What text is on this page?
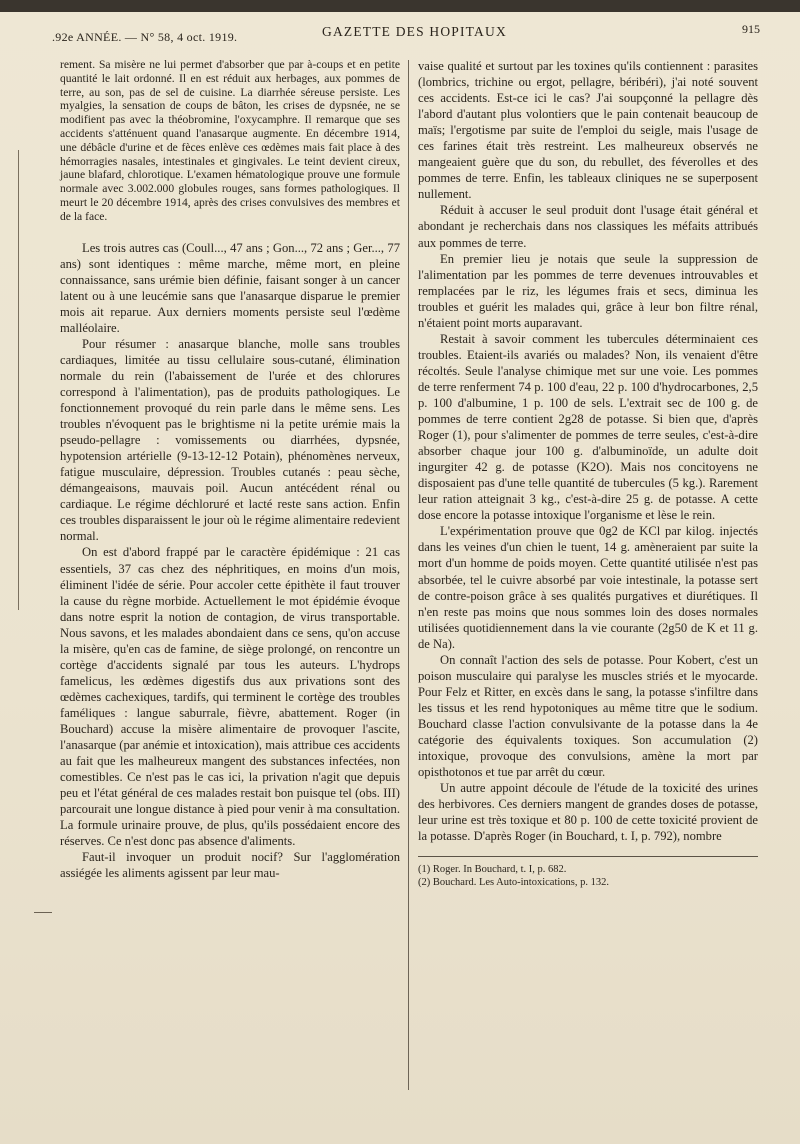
.92e ANNÉE. — N° 58, 4 oct. 1919.	GAZETTE DES HOPITAUX	915

rement. Sa misère ne lui permet d'absorber que par à-coups et en petite quantité le lait ordonné. Il en est réduit aux herbages, aux pommes de terre, au son, pas de sel de cuisine. La diarrhée séreuse persiste. Les myalgies, la sensation de coups de bâton, les crises de dypsnée, ne se modifient pas avec la théobromine, l'oxycamphre. Il remarque que ses accidents s'atténuent quand l'anasarque augmente. En décembre 1914, une débâcle d'urine et de fèces enlève ces œdèmes mais fait place à des hémorragies nasales, intestinales et gingivales. Le teint devient cireux, jaune blafard, chlorotique. L'examen hématologique prouve une formule normale avec 3.002.000 globules rouges, sans formes pathologiques. Il meurt le 20 décembre 1914, après des crises convulsives des membres et de la face.

Les trois autres cas (Coull..., 47 ans ; Gon..., 72 ans ; Ger..., 77 ans) sont identiques : même marche, même mort, en pleine connaissance, sans urémie bien définie, faisant songer à un cancer latent ou à une leucémie sans que l'anasarque disparue le premier mois ait reparue. Aux derniers moments persiste seul l'œdème malléolaire.

Pour résumer : anasarque blanche, molle sans troubles cardiaques, limitée au tissu cellulaire sous-cutané, élimination normale du rein (l'abaissement de l'urée et des chlorures correspond à l'alimentation), pas de produits pathologiques. Le fonctionnement provoqué du rein parle dans le même sens. Les troubles n'évoquent pas le brightisme ni la petite urémie mais la pseudo-pellagre : vomissements ou diarrhées, dypsnée, hypotension artérielle (9-13-12-12 Potain), phénomènes nerveux, fatigue musculaire, dépression. Troubles cutanés : peau sèche, démangeaisons, mauvais poil. Aucun antécédent rénal ou cardiaque. Le régime déchloruré et lacté reste sans action. Enfin ces troubles disparaissent le jour où le régime alimentaire redevient normal.

On est d'abord frappé par le caractère épidémique : 21 cas essentiels, 37 cas chez des néphritiques, en moins d'un mois, éliminent l'idée de série. Pour accoler cette épithète il faut trouver la cause du règne morbide. Actuellement le mot épidémie évoque dans notre esprit la notion de contagion, de virus transportable. Nous savons, et les malades abondaient dans ce sens, qu'on accuse la misère, qu'en cas de famine, de siège prolongé, on rencontre un cortège d'accidents signalé par tous les auteurs. L'hydrops famelicus, les œdèmes digestifs dus aux privations sont des œdèmes cachexiques, tardifs, qui terminent le cortège des troubles faméliques : langue saburrale, fièvre, abattement. Roger (in Bouchard) accuse la misère alimentaire de provoquer l'ascite, l'anasarque (par anémie et intoxication), mais attribue ces accidents au fait que les malheureux mangent des substances infectées, non comestibles. Ce n'est pas le cas ici, la privation n'agit que depuis peu et l'état général de ces malades restait bon puisque tel (obs. III) parcourait une longue distance à pied pour venir à ma consultation. La formule urinaire prouve, de plus, qu'ils possédaient encore des réserves. Ce n'est donc pas absence d'aliments.

Faut-il invoquer un produit nocif? Sur l'agglomération assiégée les aliments agissent par leur mau-

vaise qualité et surtout par les toxines qu'ils contiennent : parasites (lombrics, trichine ou ergot, pellagre, béribéri), j'ai noté souvent ces accidents. Est-ce ici le cas? J'ai soupçonné la pellagre dès l'abord d'autant plus volontiers que le pain contenait beaucoup de maïs; l'ergotisme par suite de l'emploi du seigle, mais l'usage de ces farines était très restreint. Les malheureux observés ne mangeaient guère que du son, du rebullet, des féverolles et des pommes de terre. Enfin, les tableaux cliniques ne se superposent nullement.

Réduit à accuser le seul produit dont l'usage était général et abondant je recherchais dans nos classiques les méfaits attribués aux pommes de terre.

En premier lieu je notais que seule la suppression de l'alimentation par les pommes de terre devenues introuvables et remplacées par le riz, les légumes frais et secs, diminua les troubles et guérit les malades qui, grâce à leur bon filtre rénal, n'étaient point morts auparavant.

Restait à savoir comment les tubercules déterminaient ces troubles. Etaient-ils avariés ou malades? Non, ils venaient d'être récoltés. Seule l'analyse chimique met sur une voie. Les pommes de terre renferment 74 p. 100 d'eau, 22 p. 100 d'hydrocarbones, 2,5 p. 100 d'albumine, 1 p. 100 de sels. L'extrait sec de 100 g. de pommes de terre contient 2g28 de potasse. Si bien que, d'après Roger (1), pour s'alimenter de pommes de terre seules, c'est-à-dire absorber chaque jour 100 g. d'albuminoïde, un adulte doit ingurgiter 42 g. de potasse (K2O). Mais nos concitoyens ne disposaient pas d'une telle quantité de tubercules (5 kg.). Rarement leur ration atteignait 3 kg., c'est-à-dire 25 g. de potasse. A cette dose encore la potasse intoxique l'organisme et lèse le rein.

L'expérimentation prouve que 0g2 de KCl par kilog. injectés dans les veines d'un chien le tuent, 14 g. amèneraient par suite la mort d'un homme de poids moyen. Cette quantité utilisée n'est pas absorbée, tel le cuivre absorbé par voie intestinale, la potasse sert de contre-poison grâce à ses qualités purgatives et diurétiques. Il n'en reste pas moins que nous sommes loin des doses normales utilisées quotidiennement dans la vie courante (2g50 de K et 11 g. de Na).

On connaît l'action des sels de potasse. Pour Kobert, c'est un poison musculaire qui paralyse les muscles striés et le myocarde. Pour Felz et Ritter, en excès dans le sang, la potasse s'infiltre dans les tissus et les rend hypotoniques au même titre que le sodium. Bouchard classe l'action convulsivante de la potasse dans la 4e catégorie des équivalents toxiques. Son accumulation (2) intoxique, provoque des convulsions, amène la mort par opisthotonos et tue par arrêt du cœur.

Un autre appoint découle de l'étude de la toxicité des urines des herbivores. Ces derniers mangent de grandes doses de potasse, leur urine est très toxique et 80 p. 100 de cette toxicité provient de la potasse. D'après Roger (in Bouchard, t. I, p. 792), nombre

(1) Roger. In Bouchard, t. I, p. 682.

(2) Bouchard. Les Auto-intoxications, p. 132.
